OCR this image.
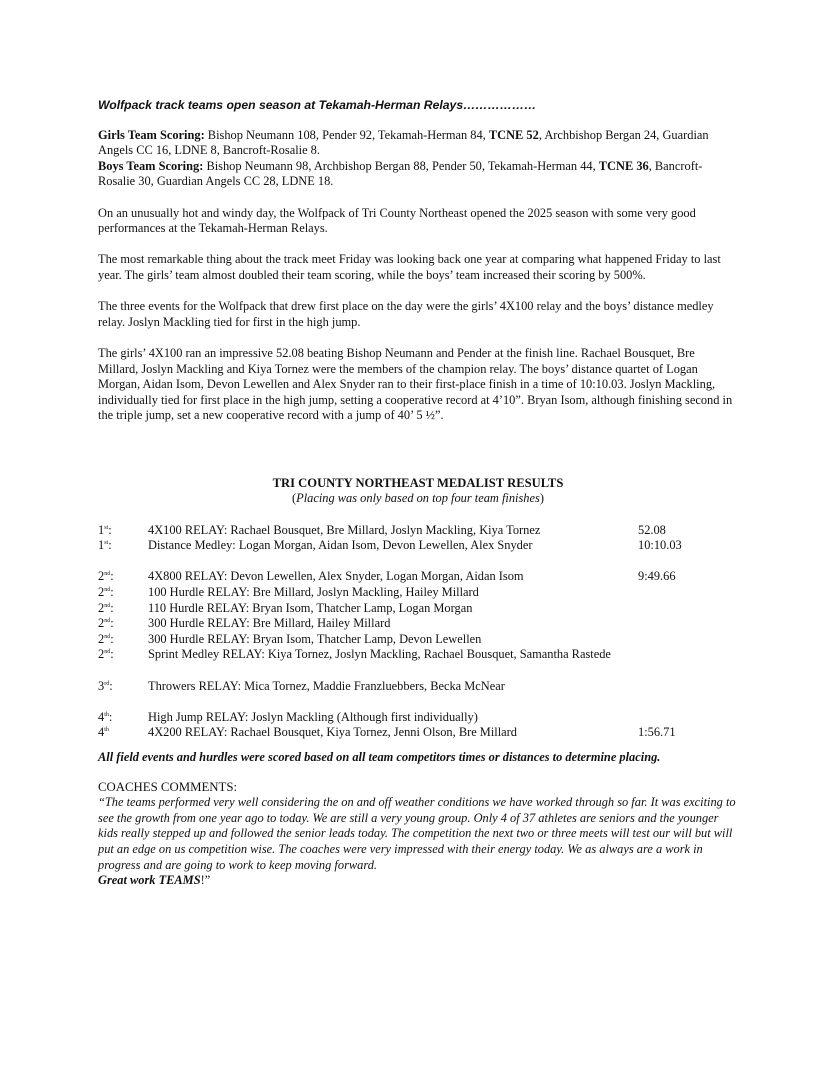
Wolfpack track teams open season at Tekamah-Herman Relays………………

Girls Team Scoring: Bishop Neumann 108, Pender 92, Tekamah-Herman 84, TCNE 52, Archbishop Bergan 24, Guardian Angels CC 16, LDNE 8, Bancroft-Rosalie 8.

Boys Team Scoring: Bishop Neumann 98, Archbishop Bergan 88, Pender 50, Tekamah-Herman 44, TCNE 36, Bancroft-Rosalie 30, Guardian Angels CC 28, LDNE 18.

On an unusually hot and windy day, the Wolfpack of Tri County Northeast opened the 2025 season with some very good performances at the Tekamah-Herman Relays.

The most remarkable thing about the track meet Friday was looking back one year at comparing what happened Friday to last year. The girls’ team almost doubled their team scoring, while the boys’ team increased their scoring by 500%.

The three events for the Wolfpack that drew first place on the day were the girls’ 4X100 relay and the boys’ distance medley relay. Joslyn Mackling tied for first in the high jump.

The girls’ 4X100 ran an impressive 52.08 beating Bishop Neumann and Pender at the finish line. Rachael Bousquet, Bre Millard, Joslyn Mackling and Kiya Tornez were the members of the champion relay. The boys’ distance quartet of Logan Morgan, Aidan Isom, Devon Lewellen and Alex Snyder ran to their first-place finish in a time of 10:10.03. Joslyn Mackling, individually tied for first place in the high jump, setting a cooperative record at 4’10”. Bryan Isom, although finishing second in the triple jump, set a new cooperative record with a jump of 40’ 5 ½”.

TRI COUNTY NORTHEAST MEDALIST RESULTS
(Placing was only based on top four team finishes)
1st:	4X100 RELAY: Rachael Bousquet, Bre Millard, Joslyn Mackling, Kiya Tornez	52.08
1st:	Distance Medley: Logan Morgan, Aidan Isom, Devon Lewellen, Alex Snyder	10:10.03
2nd:	4X800 RELAY: Devon Lewellen, Alex Snyder, Logan Morgan, Aidan Isom	9:49.66
2nd:	100 Hurdle RELAY: Bre Millard, Joslyn Mackling, Hailey Millard
2nd:	110 Hurdle RELAY: Bryan Isom, Thatcher Lamp, Logan Morgan
2nd:	300 Hurdle RELAY: Bre Millard, Hailey Millard
2nd:	300 Hurdle RELAY: Bryan Isom, Thatcher Lamp, Devon Lewellen
2nd:	Sprint Medley RELAY: Kiya Tornez, Joslyn Mackling, Rachael Bousquet, Samantha Rastede
3rd:	Throwers RELAY: Mica Tornez, Maddie Franzluebbers, Becka McNear
4th:	High Jump RELAY: Joslyn Mackling (Although first individually)
4th	4X200 RELAY: Rachael Bousquet, Kiya Tornez, Jenni Olson, Bre Millard	1:56.71

All field events and hurdles were scored based on all team competitors times or distances to determine placing.

COACHES COMMENTS:

“The teams performed very well considering the on and off weather conditions we have worked through so far. It was exciting to see the growth from one year ago to today. We are still a very young group. Only 4 of 37 athletes are seniors and the younger kids really stepped up and followed the senior leads today. The competition the next two or three meets will test our will but will put an edge on us competition wise. The coaches were very impressed with their energy today. We as always are a work in progress and are going to work to keep moving forward.

Great work TEAMS!”
